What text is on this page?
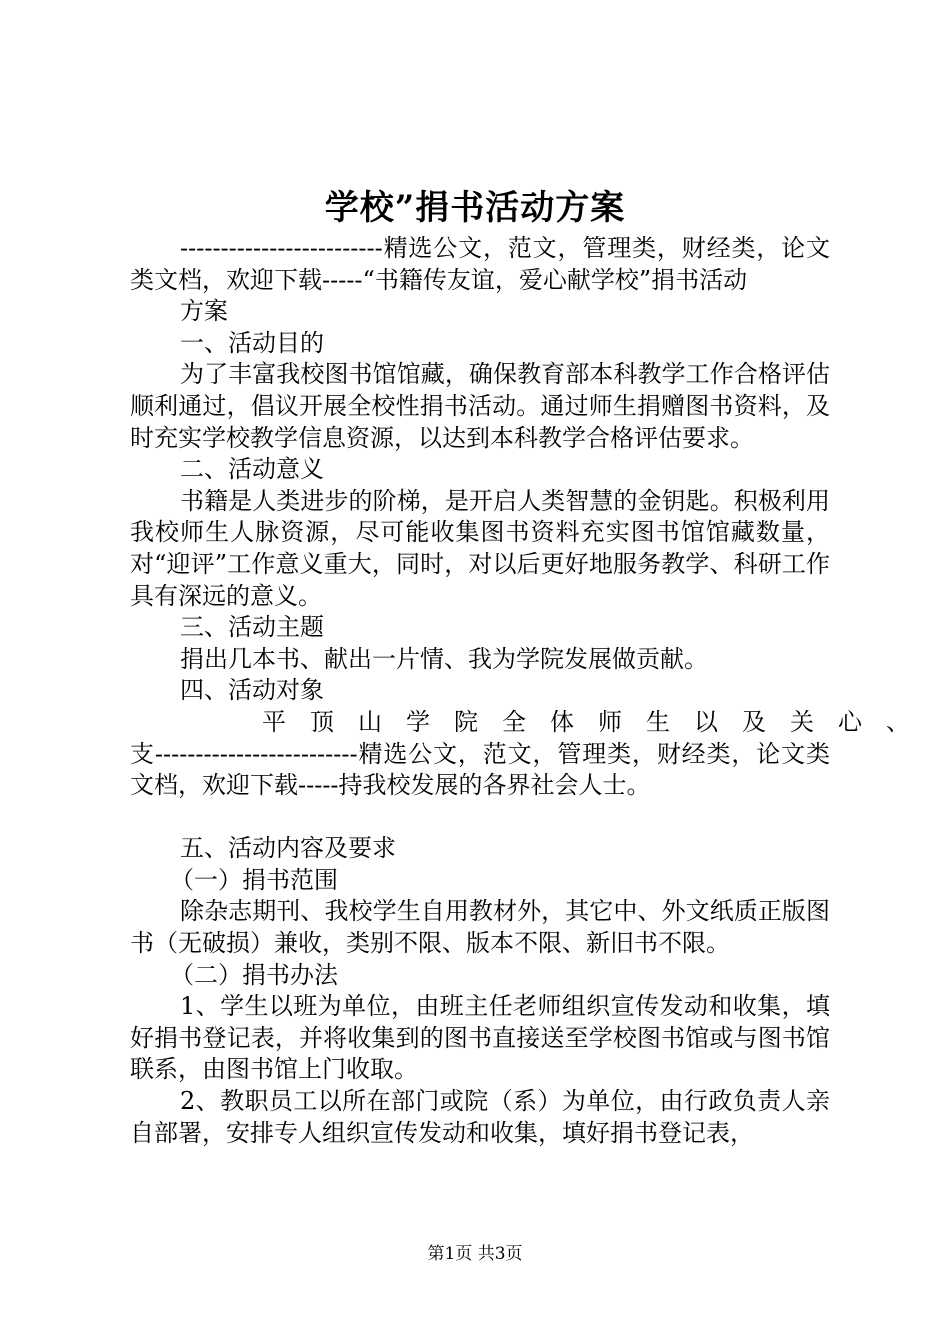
学校”捐书活动方案

-------------------------精选公文，范文，管理类，财经类，论文类文档，欢迎下载-----“书籍传友谊，爱心献学校”捐书活动

方案

一、活动目的

为了丰富我校图书馆馆藏，确保教育部本科教学工作合格评估顺利通过，倡议开展全校性捐书活动。通过师生捐赠图书资料，及时充实学校教学信息资源，以达到本科教学合格评估要求。

二、活动意义

书籍是人类进步的阶梯，是开启人类智慧的金钥匙。积极利用我校师生人脉资源，尽可能收集图书资料充实图书馆馆藏数量，对“迎评”工作意义重大，同时，对以后更好地服务教学、科研工作具有深远的意义。

三、活动主题

捐出几本书、献出一片情、我为学院发展做贡献。

四、活动对象

平顶山学院全体师生以及关心、

支-------------------------精选公文，范文，管理类，财经类，论文类文档，欢迎下载-----持我校发展的各界社会人士。

五、活动内容及要求

（一）捐书范围

除杂志期刊、我校学生自用教材外，其它中、外文纸质正版图书（无破损）兼收，类别不限、版本不限、新旧书不限。

（二）捐书办法

1、学生以班为单位，由班主任老师组织宣传发动和收集，填好捐书登记表，并将收集到的图书直接送至学校图书馆或与图书馆联系，由图书馆上门收取。

2、教职员工以所在部门或院（系）为单位，由行政负责人亲自部署，安排专人组织宣传发动和收集，填好捐书登记表，

第1页 共3页
